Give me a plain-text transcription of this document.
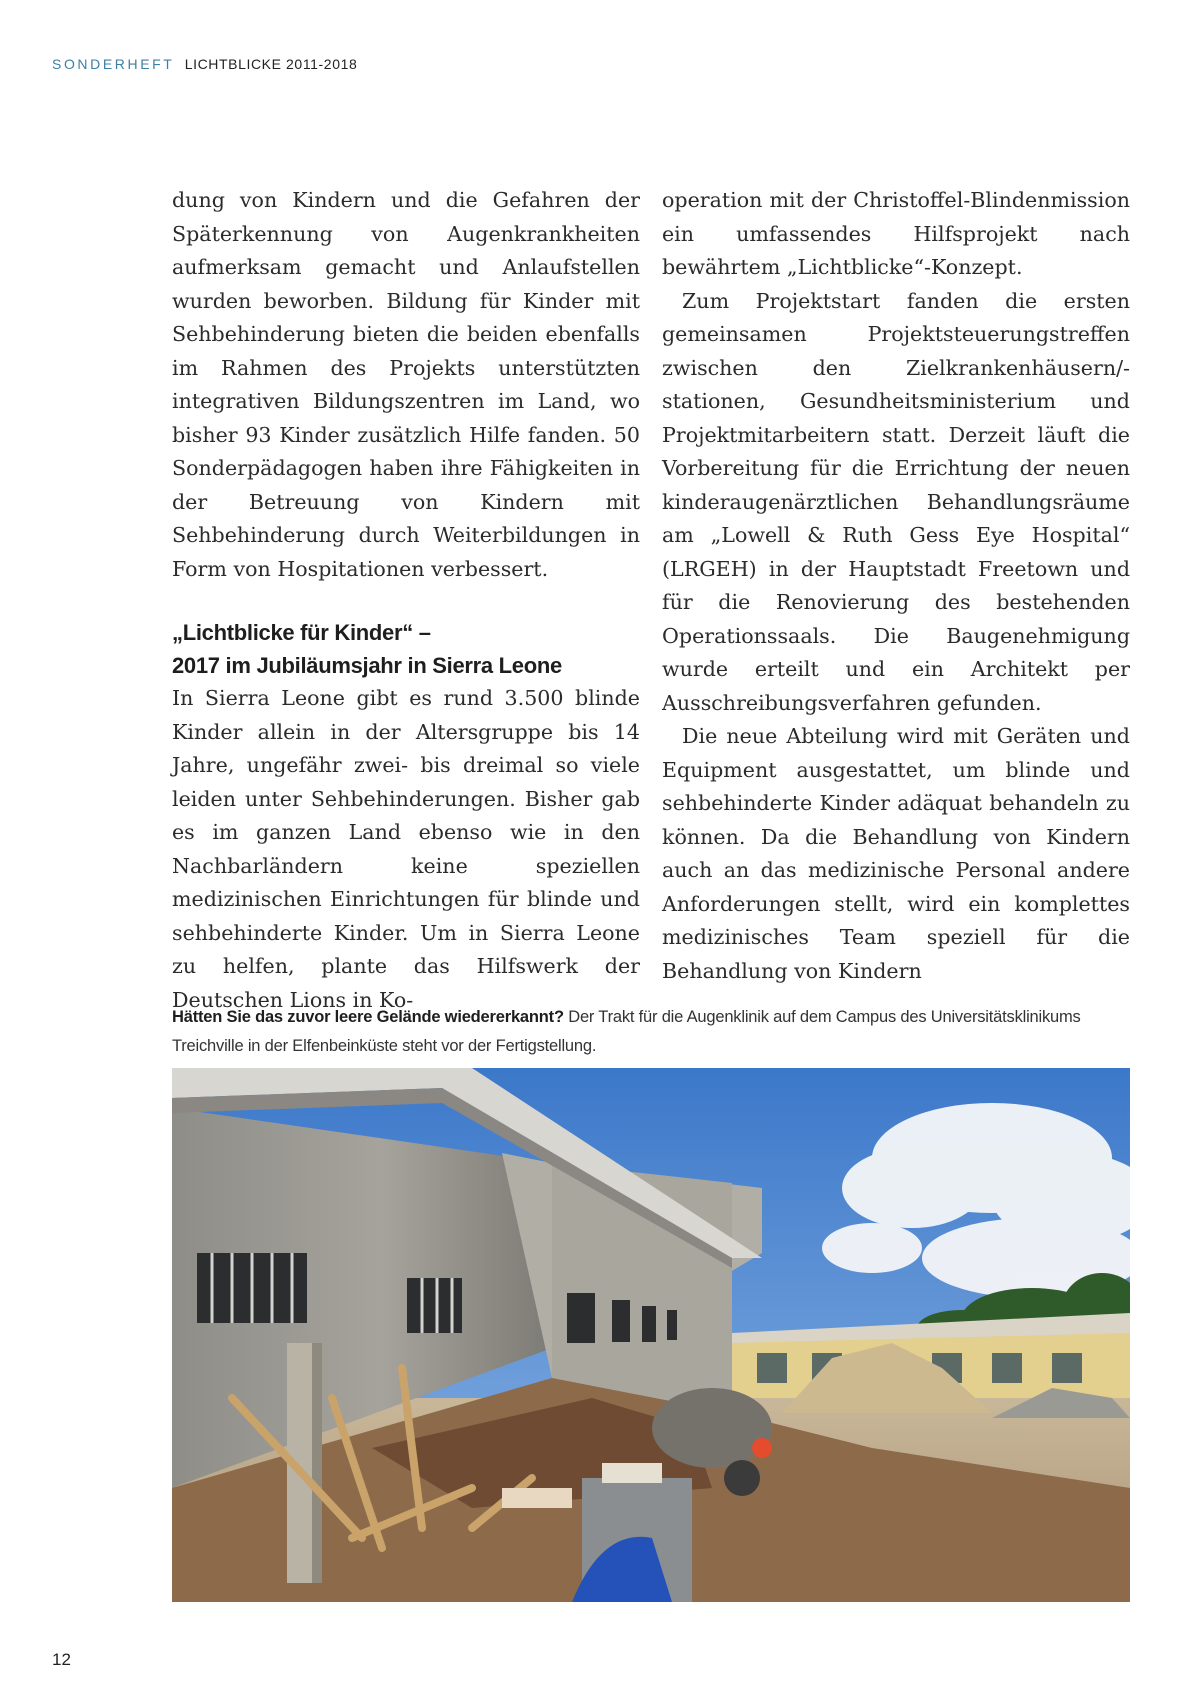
SONDERHEFT LICHTBLICKE 2011-2018

dung von Kindern und die Gefahren der Späterkennung von Augenkrankheiten aufmerksam gemacht und Anlaufstellen wurden beworben. Bildung für Kinder mit Sehbehinderung bieten die beiden ebenfalls im Rahmen des Projekts unterstützten integrativen Bildungszentren im Land, wo bisher 93 Kinder zusätzlich Hilfe fanden. 50 Sonderpädagogen haben ihre Fähigkeiten in der Betreuung von Kindern mit Sehbehinderung durch Weiterbildungen in Form von Hospitationen verbessert.

„Lichtblicke für Kinder“ –
2017 im Jubiläumsjahr in Sierra Leone

In Sierra Leone gibt es rund 3.500 blinde Kinder allein in der Altersgruppe bis 14 Jahre, ungefähr zwei- bis dreimal so viele leiden unter Sehbehinderungen. Bisher gab es im ganzen Land ebenso wie in den Nachbarländern keine speziellen medizinischen Einrichtungen für blinde und sehbehinderte Kinder. Um in Sierra Leone zu helfen, plante das Hilfswerk der Deutschen Lions in Ko-

operation mit der Christoffel-Blindenmission ein umfassendes Hilfsprojekt nach bewährtem „Lichtblicke“-Konzept.

Zum Projektstart fanden die ersten gemeinsamen Projektsteuerungstreffen zwischen den Zielkrankenhäusern/-stationen, Gesundheitsministerium und Projektmitarbeitern statt. Derzeit läuft die Vorbereitung für die Errichtung der neuen kinderaugenärztlichen Behandlungsräume am „Lowell & Ruth Gess Eye Hospital“ (LRGEH) in der Hauptstadt Freetown und für die Renovierung des bestehenden Operationssaals. Die Baugenehmigung wurde erteilt und ein Architekt per Ausschreibungsverfahren gefunden.

Die neue Abteilung wird mit Geräten und Equipment ausgestattet, um blinde und sehbehinderte Kinder adäquat behandeln zu können. Da die Behandlung von Kindern auch an das medizinische Personal andere Anforderungen stellt, wird ein komplettes medizinisches Team speziell für die Behandlung von Kindern

Hätten Sie das zuvor leere Gelände wiedererkannt? Der Trakt für die Augenklinik auf dem Campus des Universitätsklinikums Treichville in der Elfenbeinküste steht vor der Fertigstellung.
12
